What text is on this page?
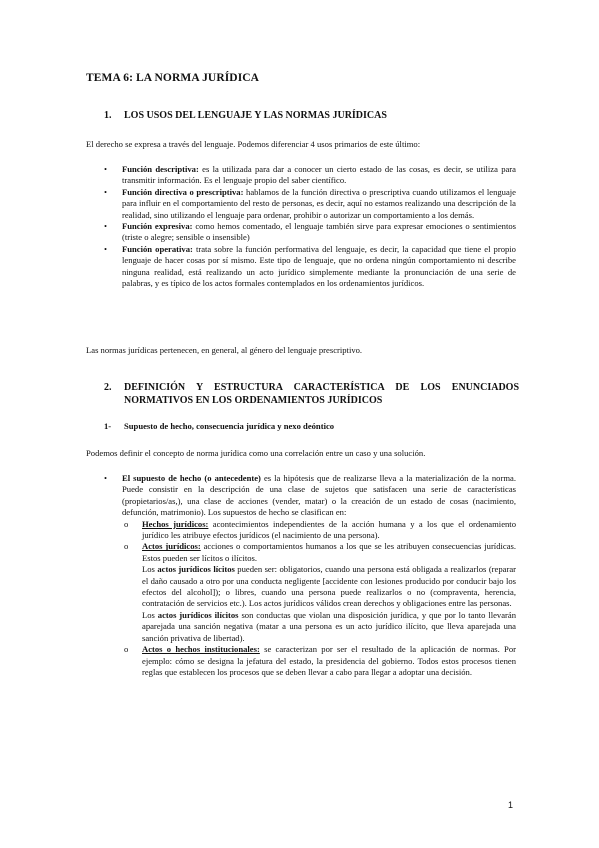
TEMA 6: LA NORMA JURÍDICA
1. LOS USOS DEL LENGUAJE Y LAS NORMAS JURÍDICAS
El derecho se expresa a través del lenguaje. Podemos diferenciar 4 usos primarios de este último:
• Función descriptiva: es la utilizada para dar a conocer un cierto estado de las cosas, es decir, se utiliza para transmitir información. Es el lenguaje propio del saber científico.
• Función directiva o prescriptiva: hablamos de la función directiva o prescriptiva cuando utilizamos el lenguaje para influir en el comportamiento del resto de personas, es decir, aquí no estamos realizando una descripción de la realidad, sino utilizando el lenguaje para ordenar, prohibir o autorizar un comportamiento a los demás.
• Función expresiva: como hemos comentado, el lenguaje también sirve para expresar emociones o sentimientos (triste o alegre; sensible o insensible)
• Función operativa: trata sobre la función performativa del lenguaje, es decir, la capacidad que tiene el propio lenguaje de hacer cosas por sí mismo. Este tipo de lenguaje, que no ordena ningún comportamiento ni describe ninguna realidad, está realizando un acto jurídico simplemente mediante la pronunciación de una serie de palabras, y es típico de los actos formales contemplados en los ordenamientos jurídicos.
Las normas jurídicas pertenecen, en general, al género del lenguaje prescriptivo.
2. DEFINICIÓN Y ESTRUCTURA CARACTERÍSTICA DE LOS ENUNCIADOS NORMATIVOS EN LOS ORDENAMIENTOS JURÍDICOS
1- Supuesto de hecho, consecuencia jurídica y nexo deóntico
Podemos definir el concepto de norma jurídica como una correlación entre un caso y una solución.
• El supuesto de hecho (o antecedente) es la hipótesis que de realizarse lleva a la materialización de la norma. Puede consistir en la descripción de una clase de sujetos que satisfacen una serie de características (propietarios/as,), una clase de acciones (vender, matar) o la creación de un estado de cosas (nacimiento, defunción, matrimonio). Los supuestos de hecho se clasifican en:
o Hechos jurídicos: acontecimientos independientes de la acción humana y a los que el ordenamiento jurídico les atribuye efectos jurídicos (el nacimiento de una persona).
o Actos jurídicos: acciones o comportamientos humanos a los que se les atribuyen consecuencias jurídicas. Estos pueden ser lícitos o ilícitos.
Los actos jurídicos lícitos pueden ser: obligatorios, cuando una persona está obligada a realizarlos (reparar el daño causado a otro por una conducta negligente [accidente con lesiones producido por conducir bajo los efectos del alcohol]); o libres, cuando una persona puede realizarlos o no (compraventa, herencia, contratación de servicios etc.). Los actos jurídicos válidos crean derechos y obligaciones entre las personas.
Los actos jurídicos ilícitos son conductas que violan una disposición jurídica, y que por lo tanto llevarán aparejada una sanción negativa (matar a una persona es un acto jurídico ilícito, que lleva aparejada una sanción privativa de libertad).
o Actos o hechos institucionales: se caracterizan por ser el resultado de la aplicación de normas. Por ejemplo: cómo se designa la jefatura del estado, la presidencia del gobierno. Todos estos procesos tienen reglas que establecen los procesos que se deben llevar a cabo para llegar a adoptar una decisión.
1
